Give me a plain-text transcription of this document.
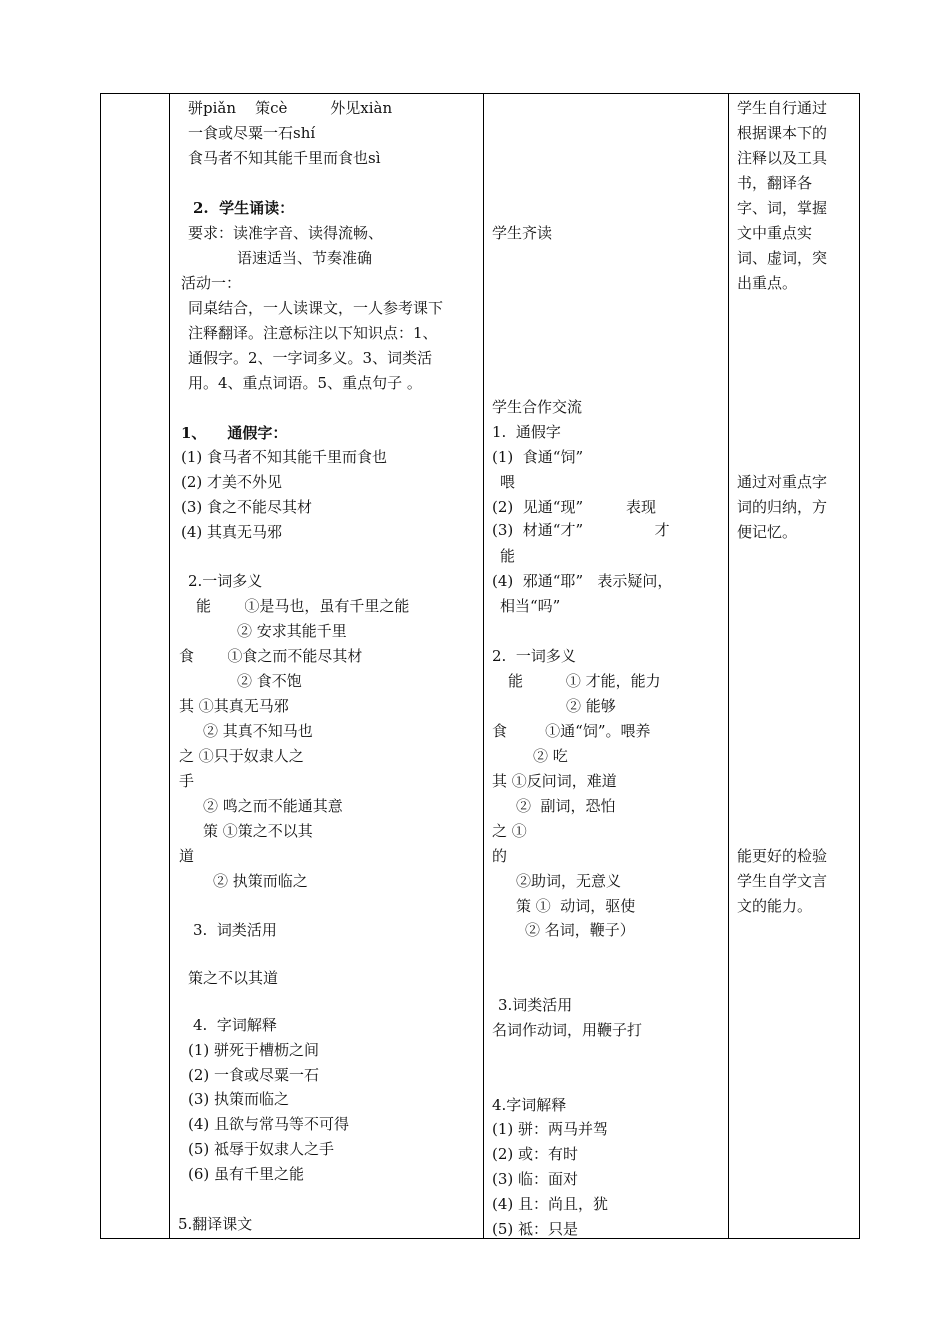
骈piǎn    策cè         外见xiàn
一食或尽粟一石shí
食马者不知其能千里而食也sì
2.  学生诵读：
要求：读准字音、读得流畅、
语速适当、节奏准确
活动一：
同桌结合，一人读课文，一人参考课下
注释翻译。注意标注以下知识点：1、
通假字。2、一字词多义。3、词类活
用。4、重点词语。5、重点句子 。
1、    通假字：
(1) 食马者不知其能千里而食也
(2) 才美不外见
(3) 食之不能尽其材
(4) 其真无马邪
2.一词多义
能       ①是马也，虽有千里之能
② 安求其能千里
食       ①食之而不能尽其材
② 食不饱
其 ①其真无马邪
② 其真不知马也
之 ①只于奴隶人之
手
② 鸣之而不能通其意
策 ①策之不以其
道
② 执策而临之
3.  词类活用
策之不以其道
4.  字词解释
(1) 骈死于槽枥之间
(2) 一食或尽粟一石
(3) 执策而临之
(4) 且欲与常马等不可得
(5) 祗辱于奴隶人之手
(6) 虽有千里之能
5.翻译课文
学生齐读
学生合作交流
1.  通假字
(1)  食通“饲”
喂
(2)  见通“现”         表现
(3)  材通“才”               才
能
(4)  邪通“耶”   表示疑问，
相当“吗”
2.  一词多义
能         ① 才能，能力
② 能够
食        ①通“饲”。喂养
② 吃
其 ①反问词，难道
②  副词，恐怕
之 ①
的
②助词，无意义
策 ①  动词，驱使
② 名词，鞭子）
3.词类活用
名词作动词，用鞭子打
4.字词解释
(1) 骈：两马并驾
(2) 或：有时
(3) 临：面对
(4) 且：尚且，犹
(5) 祗：只是
学生自行通过
根据课本下的
注释以及工具
书，翻译各
字、词，掌握
文中重点实
词、虚词，突
出重点。
通过对重点字
词的归纳，方
便记忆。
能更好的检验
学生自学文言
文的能力。
